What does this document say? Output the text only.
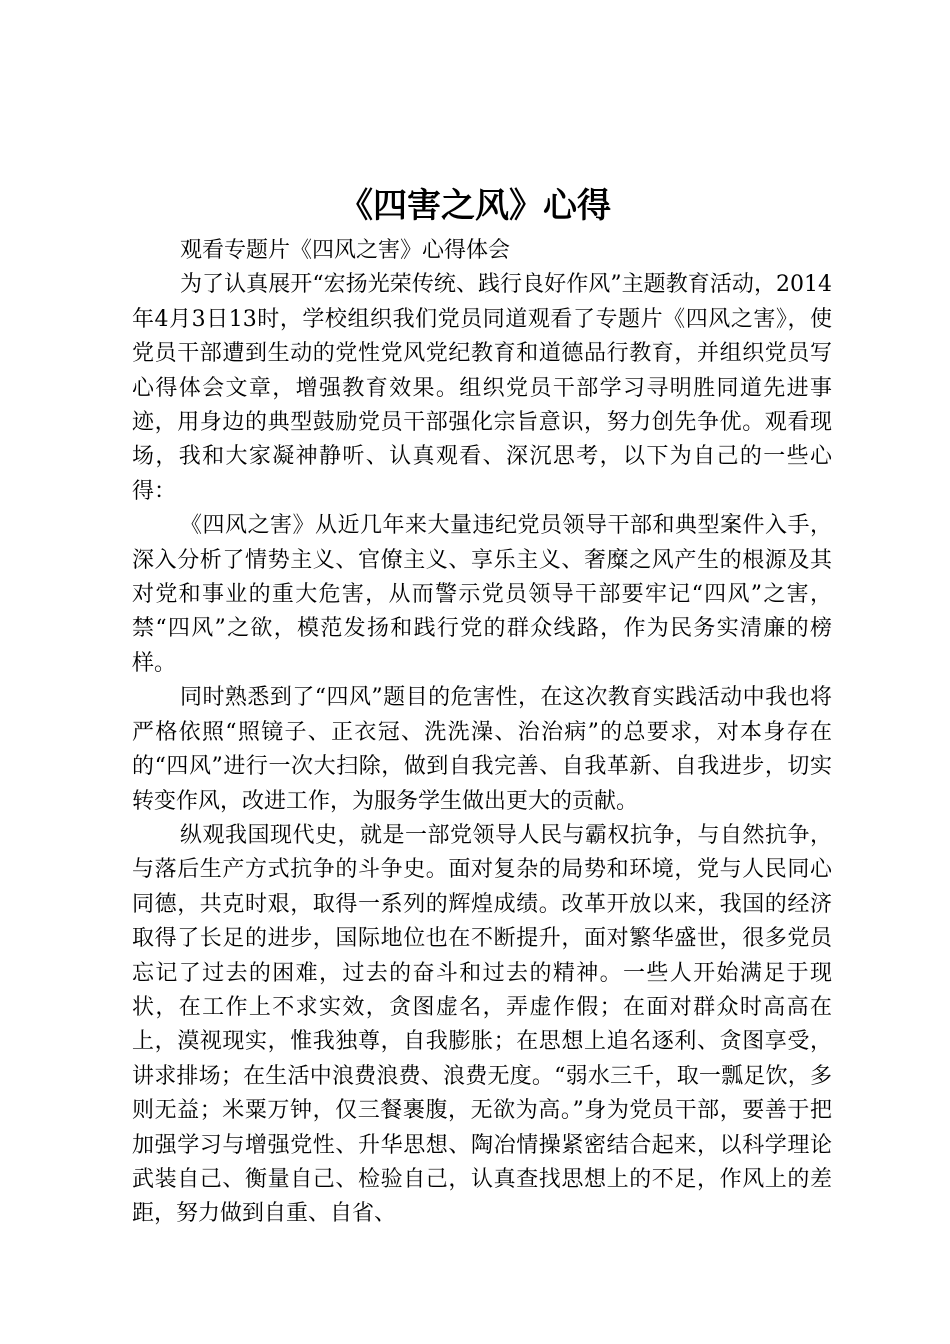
《四害之风》心得

观看专题片《四风之害》心得体会

为了认真展开“宏扬光荣传统、践行良好作风”主题教育活动，2014年4月3日13时，学校组织我们党员同道观看了专题片《四风之害》，使党员干部遭到生动的党性党风党纪教育和道德品行教育，并组织党员写心得体会文章，增强教育效果。组织党员干部学习寻明胜同道先进事迹，用身边的典型鼓励党员干部强化宗旨意识，努力创先争优。观看现场，我和大家凝神静听、认真观看、深沉思考，以下为自己的一些心得：

《四风之害》从近几年来大量违纪党员领导干部和典型案件入手，深入分析了情势主义、官僚主义、享乐主义、奢糜之风产生的根源及其对党和事业的重大危害，从而警示党员领导干部要牢记“四风”之害，禁“四风”之欲，模范发扬和践行党的群众线路，作为民务实清廉的榜样。

同时熟悉到了“四风”题目的危害性，在这次教育实践活动中我也将严格依照“照镜子、正衣冠、洗洗澡、治治病”的总要求，对本身存在的“四风”进行一次大扫除，做到自我完善、自我革新、自我进步，切实转变作风，改进工作，为服务学生做出更大的贡献。

纵观我国现代史，就是一部党领导人民与霸权抗争，与自然抗争，与落后生产方式抗争的斗争史。面对复杂的局势和环境，党与人民同心同德，共克时艰，取得一系列的辉煌成绩。改革开放以来，我国的经济取得了长足的进步，国际地位也在不断提升，面对繁华盛世，很多党员忘记了过去的困难，过去的奋斗和过去的精神。一些人开始满足于现状，在工作上不求实效，贪图虚名，弄虚作假；在面对群众时高高在上，漠视现实，惟我独尊，自我膨胀；在思想上追名逐利、贪图享受，讲求排场；在生活中浪费浪费、浪费无度。“弱水三千，取一瓢足饮，多则无益；米粟万钟，仅三餐裹腹，无欲为高。”身为党员干部，要善于把加强学习与增强党性、升华思想、陶冶情操紧密结合起来，以科学理论武装自己、衡量自己、检验自己，认真查找思想上的不足，作风上的差距，努力做到自重、自省、
